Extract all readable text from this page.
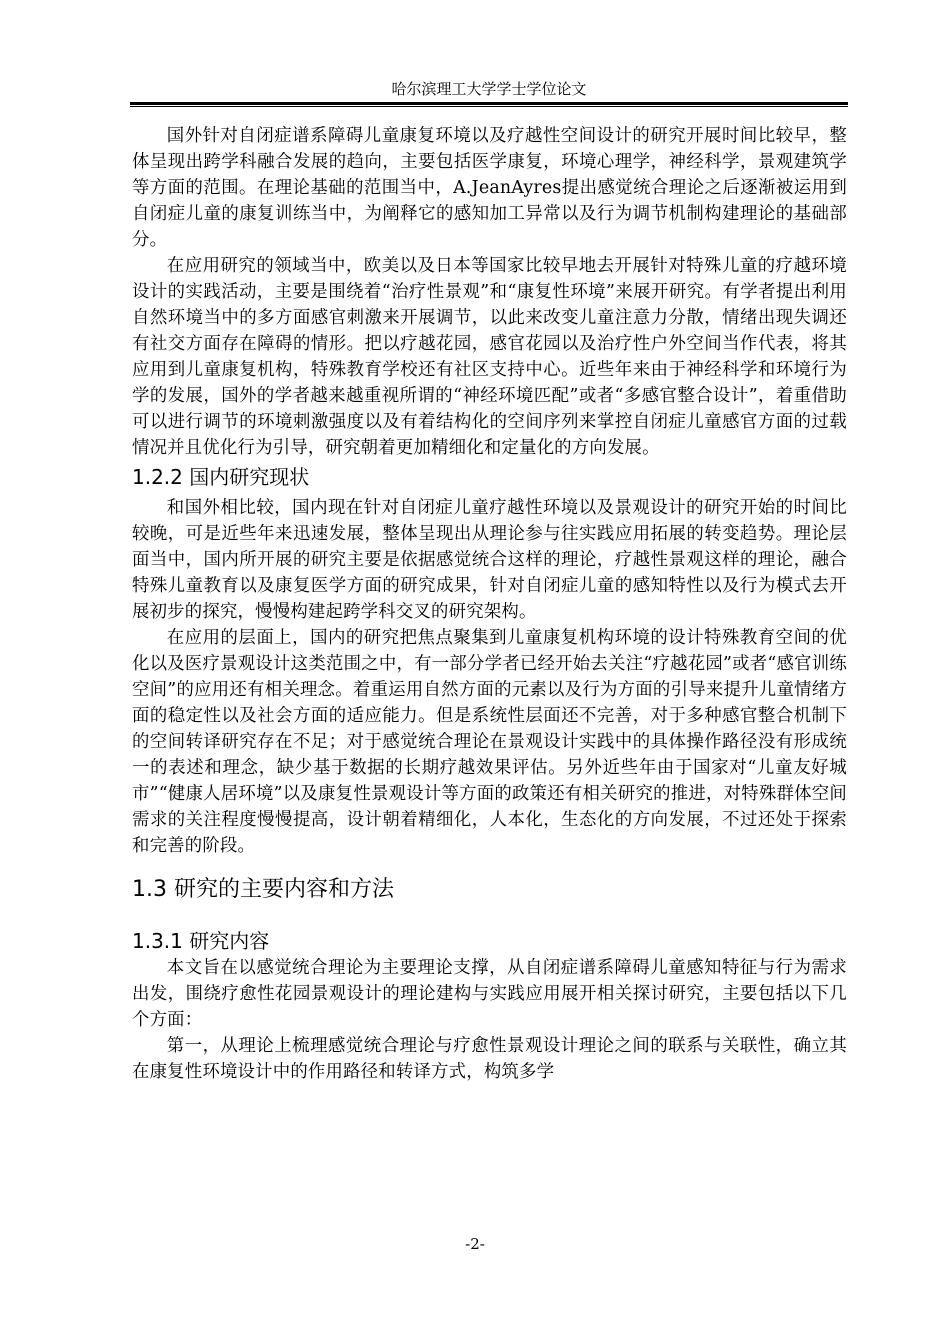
哈尔滨理工大学学士学位论文

国外针对自闭症谱系障碍儿童康复环境以及疗越性空间设计的研究开展时间比较早，整体呈现出跨学科融合发展的趋向，主要包括医学康复，环境心理学，神经科学，景观建筑学等方面的范围。在理论基础的范围当中，A.JeanAyres提出感觉统合理论之后逐渐被运用到自闭症儿童的康复训练当中，为阐释它的感知加工异常以及行为调节机制构建理论的基础部分。

在应用研究的领域当中，欧美以及日本等国家比较早地去开展针对特殊儿童的疗越环境设计的实践活动，主要是围绕着“治疗性景观”和“康复性环境”来展开研究。有学者提出利用自然环境当中的多方面感官刺激来开展调节，以此来改变儿童注意力分散，情绪出现失调还有社交方面存在障碍的情形。把以疗越花园，感官花园以及治疗性户外空间当作代表，将其应用到儿童康复机构，特殊教育学校还有社区支持中心。近些年来由于神经科学和环境行为学的发展，国外的学者越来越重视所谓的“神经环境匹配”或者“多感官整合设计”，着重借助可以进行调节的环境刺激强度以及有着结构化的空间序列来掌控自闭症儿童感官方面的过载情况并且优化行为引导，研究朝着更加精细化和定量化的方向发展。

1.2.2 国内研究现状

和国外相比较，国内现在针对自闭症儿童疗越性环境以及景观设计的研究开始的时间比较晚，可是近些年来迅速发展，整体呈现出从理论参与往实践应用拓展的转变趋势。理论层面当中，国内所开展的研究主要是依据感觉统合这样的理论，疗越性景观这样的理论，融合特殊儿童教育以及康复医学方面的研究成果，针对自闭症儿童的感知特性以及行为模式去开展初步的探究，慢慢构建起跨学科交叉的研究架构。

在应用的层面上，国内的研究把焦点聚集到儿童康复机构环境的设计特殊教育空间的优化以及医疗景观设计这类范围之中，有一部分学者已经开始去关注“疗越花园”或者“感官训练空间”的应用还有相关理念。着重运用自然方面的元素以及行为方面的引导来提升儿童情绪方面的稳定性以及社会方面的适应能力。但是系统性层面还不完善，对于多种感官整合机制下的空间转译研究存在不足；对于感觉统合理论在景观设计实践中的具体操作路径没有形成统一的表述和理念，缺少基于数据的长期疗越效果评估。另外近些年由于国家对“儿童友好城市”“健康人居环境”以及康复性景观设计等方面的政策还有相关研究的推进，对特殊群体空间需求的关注程度慢慢提高，设计朝着精细化，人本化，生态化的方向发展，不过还处于探索和完善的阶段。

1.3 研究的主要内容和方法
1.3.1 研究内容

本文旨在以感觉统合理论为主要理论支撑，从自闭症谱系障碍儿童感知特征与行为需求出发，围绕疗愈性花园景观设计的理论建构与实践应用展开相关探讨研究，主要包括以下几个方面：

第一，从理论上梳理感觉统合理论与疗愈性景观设计理论之间的联系与关联性，确立其在康复性环境设计中的作用路径和转译方式，构筑多学

-2-
